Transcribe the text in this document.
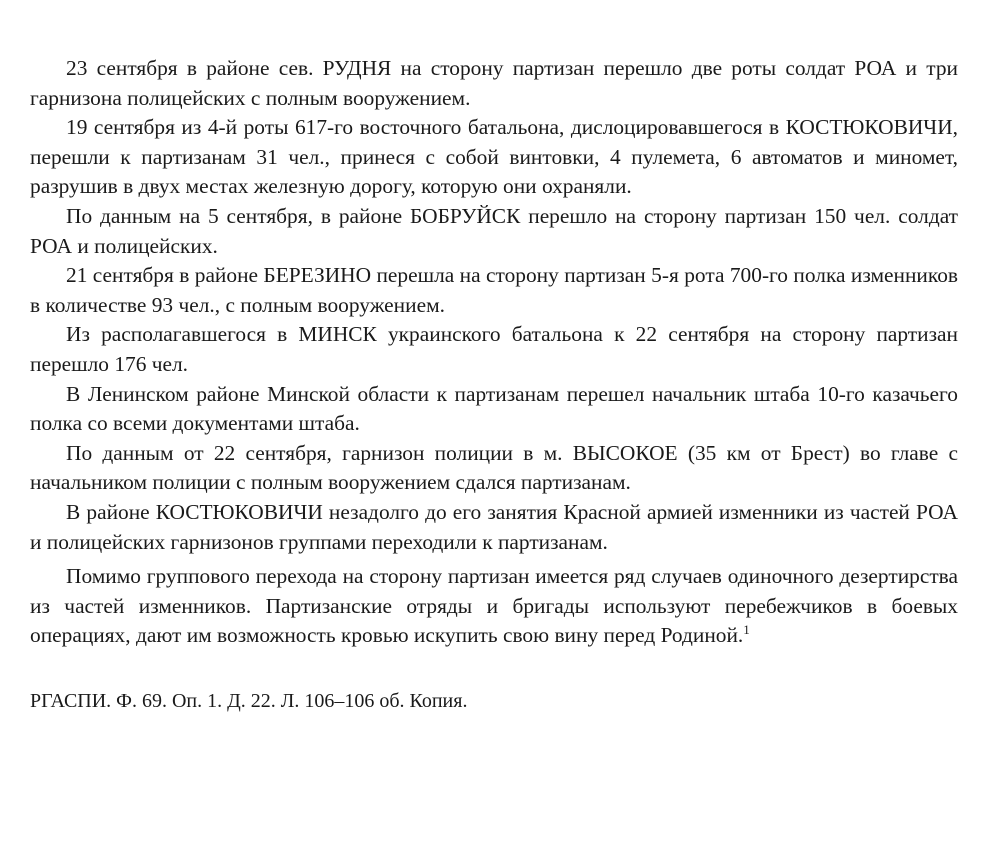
23 сентября в районе сев. РУДНЯ на сторону партизан перешло две роты солдат РОА и три гарнизона полицейских с полным вооружением.

19 сентября из 4-й роты 617-го восточного батальона, дислоцировавшегося в КОСТЮКОВИЧИ, перешли к партизанам 31 чел., принеся с собой винтовки, 4 пулемета, 6 автоматов и миномет, разрушив в двух местах железную дорогу, которую они охраняли.

По данным на 5 сентября, в районе БОБРУЙСК перешло на сторону партизан 150 чел. солдат РОА и полицейских.

21 сентября в районе БЕРЕЗИНО перешла на сторону партизан 5-я рота 700-го полка изменников в количестве 93 чел., с полным вооружением.

Из располагавшегося в МИНСК украинского батальона к 22 сентября на сторону партизан перешло 176 чел.

В Ленинском районе Минской области к партизанам перешел начальник штаба 10-го казачьего полка со всеми документами штаба.

По данным от 22 сентября, гарнизон полиции в м. ВЫСОКОЕ (35 км от Брест) во главе с начальником полиции с полным вооружением сдался партизанам.

В районе КОСТЮКОВИЧИ незадолго до его занятия Красной армией изменники из частей РОА и полицейских гарнизонов группами переходили к партизанам.

Помимо группового перехода на сторону партизан имеется ряд случаев одиночного дезертирства из частей изменников. Партизанские отряды и бригады используют перебежчиков в боевых операциях, дают им возможность кровью искупить свою вину перед Родиной.$^1$

РГАСПИ. Ф. 69. Оп. 1. Д. 22. Л. 106–106 об. Копия.
